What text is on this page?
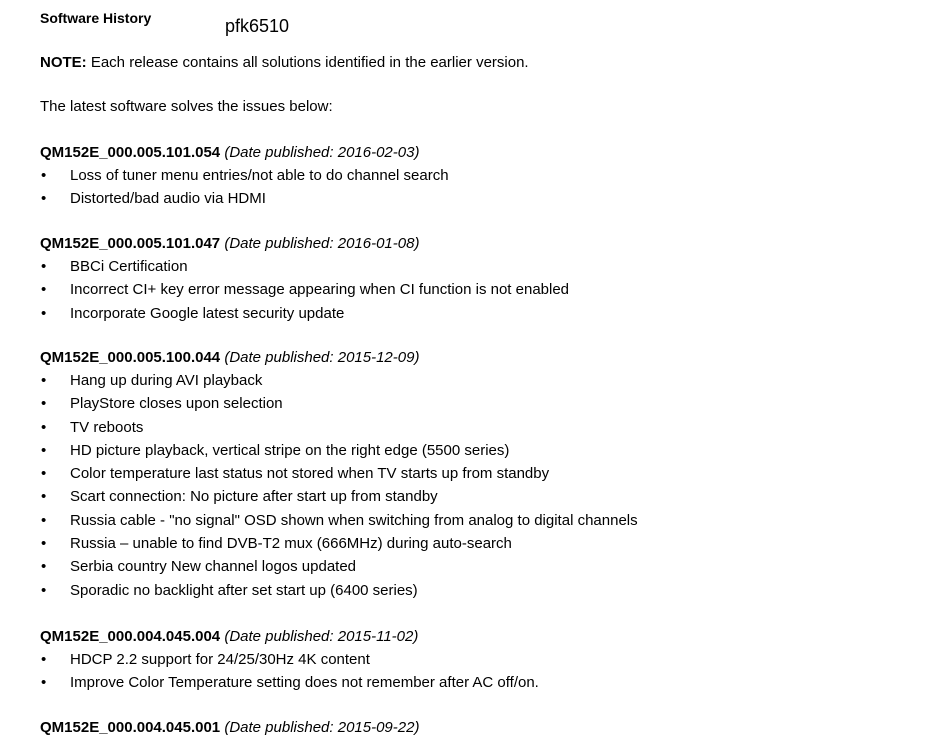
Software History	pfk6510
NOTE: Each release contains all solutions identified in the earlier version.
The latest software solves the issues below:
QM152E_000.005.101.054 (Date published: 2016-02-03)
• Loss of tuner menu entries/not able to do channel search
• Distorted/bad audio via HDMI
QM152E_000.005.101.047 (Date published: 2016-01-08)
• BBCi Certification
• Incorrect CI+ key error message appearing when CI function is not enabled
• Incorporate Google latest security update
QM152E_000.005.100.044 (Date published: 2015-12-09)
• Hang up during AVI playback
• PlayStore closes upon selection
• TV reboots
• HD picture playback, vertical stripe on the right edge (5500 series)
• Color temperature last status not stored when TV starts up from standby
• Scart connection: No picture after start up from standby
• Russia cable - "no signal" OSD shown when switching from analog to digital channels
• Russia – unable to find DVB-T2 mux (666MHz) during auto-search
• Serbia country New channel logos updated
• Sporadic no backlight after set start up (6400 series)
QM152E_000.004.045.004 (Date published: 2015-11-02)
• HDCP 2.2 support for 24/25/30Hz 4K content
• Improve Color Temperature setting does not remember after AC off/on.
QM152E_000.004.045.001 (Date published: 2015-09-22)
